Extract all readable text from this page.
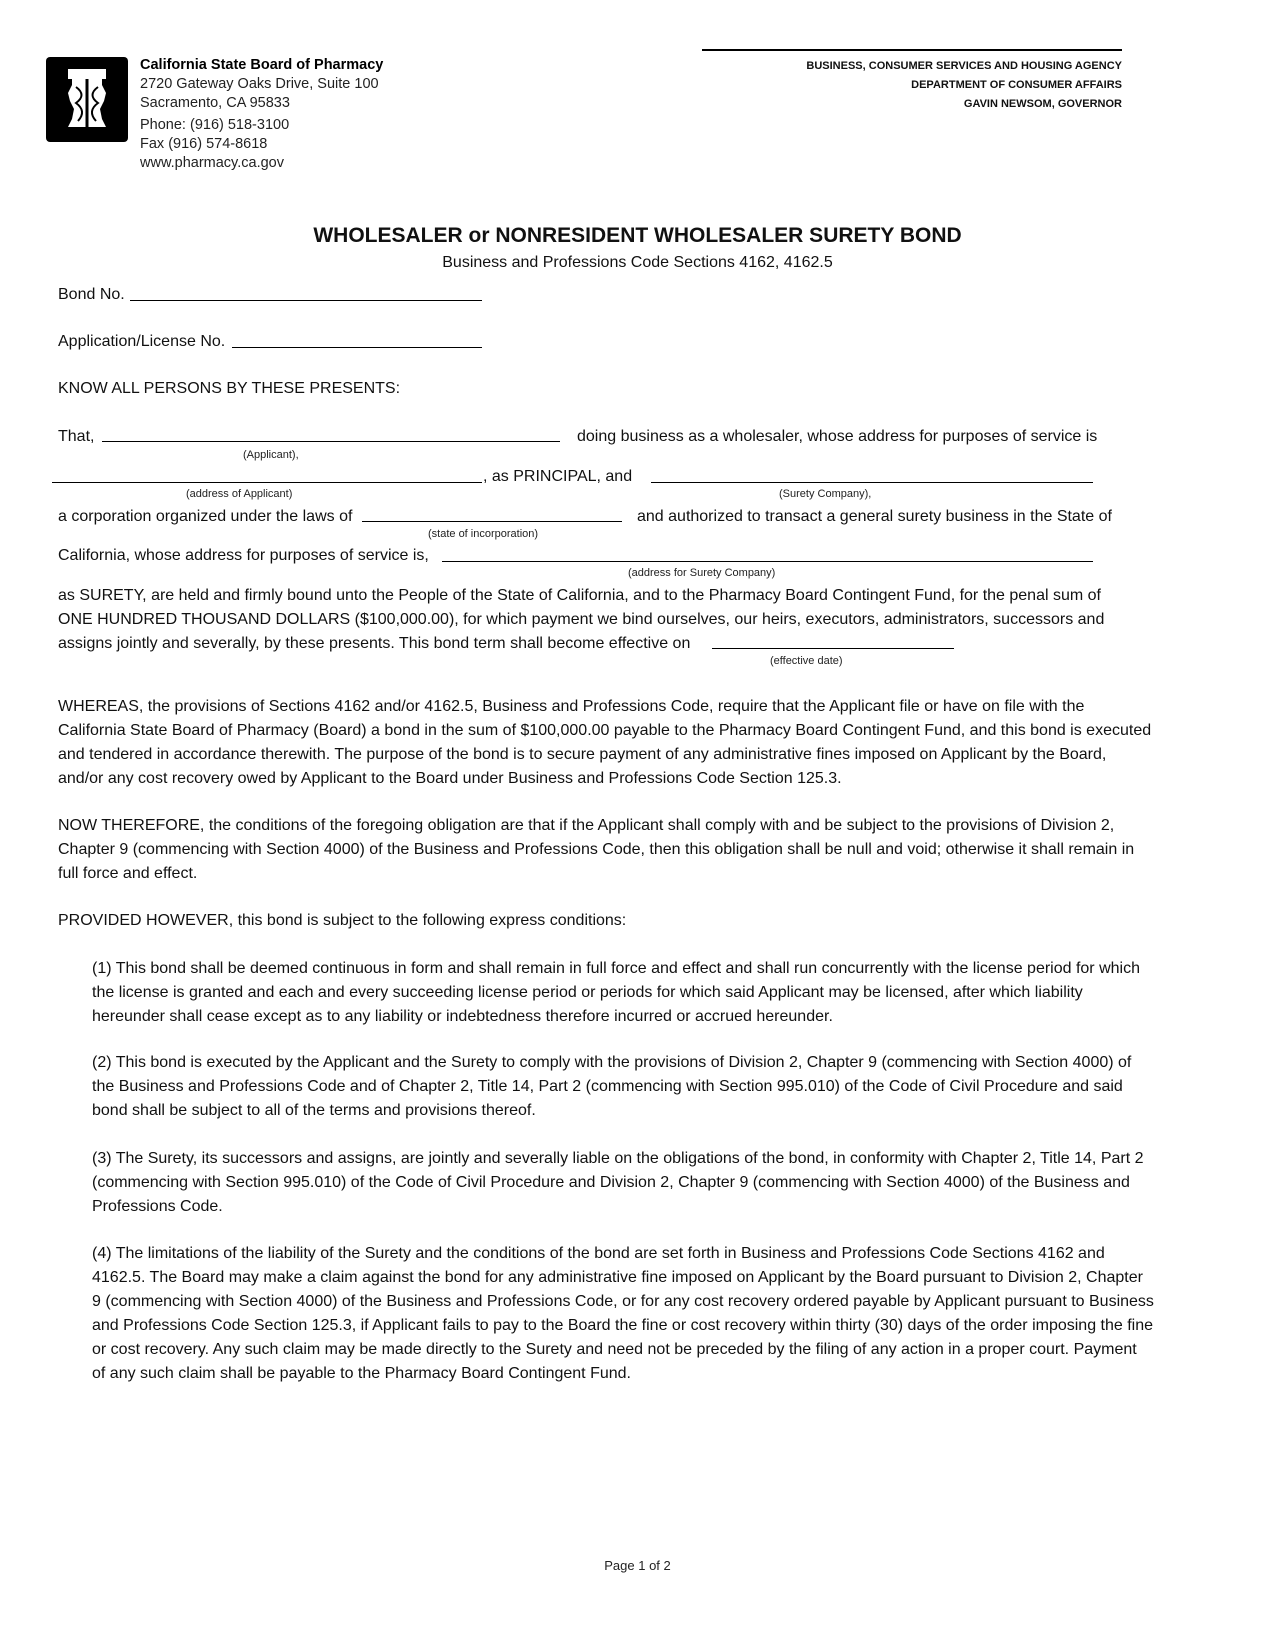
California State Board of Pharmacy
2720 Gateway Oaks Drive, Suite 100
Sacramento, CA 95833
Phone: (916) 518-3100
Fax (916) 574-8618
www.pharmacy.ca.gov
BUSINESS, CONSUMER SERVICES AND HOUSING AGENCY
DEPARTMENT OF CONSUMER AFFAIRS
GAVIN NEWSOM, GOVERNOR
WHOLESALER or NONRESIDENT WHOLESALER SURETY BOND
Business and Professions Code Sections 4162, 4162.5
Bond No.
Application/License No.
KNOW ALL PERSONS BY THESE PRESENTS:
That,
(Applicant),
doing business as a wholesaler, whose address for purposes of service is
(address of Applicant)
, as PRINCIPAL, and
(Surety Company),
a corporation organized under the laws of
(state of incorporation)
and authorized to transact a general surety business in the State of
California, whose address for purposes of service is,
(address for Surety Company)
as SURETY, are held and firmly bound unto the People of the State of California, and to the Pharmacy Board Contingent Fund, for the penal sum of
ONE HUNDRED THOUSAND DOLLARS ($100,000.00), for which payment we bind ourselves, our heirs, executors, administrators, successors and
assigns jointly and severally, by these presents. This bond term shall become effective on
(effective date)
WHEREAS, the provisions of Sections 4162 and/or 4162.5, Business and Professions Code, require that the Applicant file or have on file with the California State Board of Pharmacy (Board) a bond in the sum of $100,000.00 payable to the Pharmacy Board Contingent Fund, and this bond is executed and tendered in accordance therewith. The purpose of the bond is to secure payment of any administrative fines imposed on Applicant by the Board, and/or any cost recovery owed by Applicant to the Board under Business and Professions Code Section 125.3.
NOW THEREFORE, the conditions of the foregoing obligation are that if the Applicant shall comply with and be subject to the provisions of Division 2, Chapter 9 (commencing with Section 4000) of the Business and Professions Code, then this obligation shall be null and void; otherwise it shall remain in full force and effect.
PROVIDED HOWEVER, this bond is subject to the following express conditions:
(1) This bond shall be deemed continuous in form and shall remain in full force and effect and shall run concurrently with the license period for which the license is granted and each and every succeeding license period or periods for which said Applicant may be licensed, after which liability hereunder shall cease except as to any liability or indebtedness therefore incurred or accrued hereunder.
(2) This bond is executed by the Applicant and the Surety to comply with the provisions of Division 2, Chapter 9 (commencing with Section 4000) of the Business and Professions Code and of Chapter 2, Title 14, Part 2 (commencing with Section 995.010) of the Code of Civil Procedure and said bond shall be subject to all of the terms and provisions thereof.
(3) The Surety, its successors and assigns, are jointly and severally liable on the obligations of the bond, in conformity with Chapter 2, Title 14, Part 2 (commencing with Section 995.010) of the Code of Civil Procedure and Division 2, Chapter 9 (commencing with Section 4000) of the Business and Professions Code.
(4) The limitations of the liability of the Surety and the conditions of the bond are set forth in Business and Professions Code Sections 4162 and 4162.5. The Board may make a claim against the bond for any administrative fine imposed on Applicant by the Board pursuant to Division 2, Chapter 9 (commencing with Section 4000) of the Business and Professions Code, or for any cost recovery ordered payable by Applicant pursuant to Business and Professions Code Section 125.3, if Applicant fails to pay to the Board the fine or cost recovery within thirty (30) days of the order imposing the fine or cost recovery. Any such claim may be made directly to the Surety and need not be preceded by the filing of any action in a proper court. Payment of any such claim shall be payable to the Pharmacy Board Contingent Fund.
Page 1 of 2
